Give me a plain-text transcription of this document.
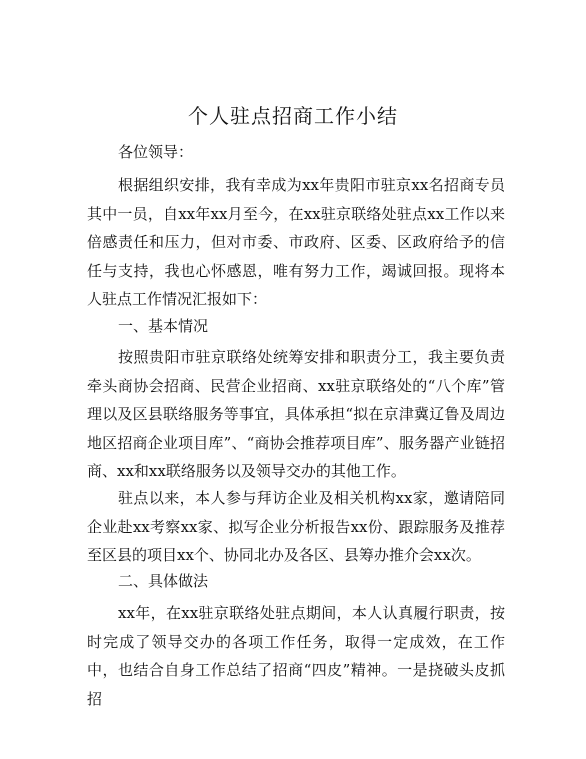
个人驻点招商工作小结
各位领导：
根据组织安排，我有幸成为xx年贵阳市驻京xx名招商专员其中一员，自xx年xx月至今，在xx驻京联络处驻点xx工作以来倍感责任和压力，但对市委、市政府、区委、区政府给予的信任与支持，我也心怀感恩，唯有努力工作，竭诚回报。现将本人驻点工作情况汇报如下：
一、基本情况
按照贵阳市驻京联络处统筹安排和职责分工，我主要负责牵头商协会招商、民营企业招商、xx驻京联络处的“八个库”管理以及区县联络服务等事宜，具体承担“拟在京津冀辽鲁及周边地区招商企业项目库”、“商协会推荐项目库”、服务器产业链招商、xx和xx联络服务以及领导交办的其他工作。
驻点以来，本人参与拜访企业及相关机构xx家，邀请陪同企业赴xx考察xx家、拟写企业分析报告xx份、跟踪服务及推荐至区县的项目xx个、协同北办及各区、县筹办推介会xx次。
二、具体做法
xx年，在xx驻京联络处驻点期间，本人认真履行职责，按时完成了领导交办的各项工作任务，取得一定成效，在工作中，也结合自身工作总结了招商“四皮”精神。一是挠破头皮抓招
